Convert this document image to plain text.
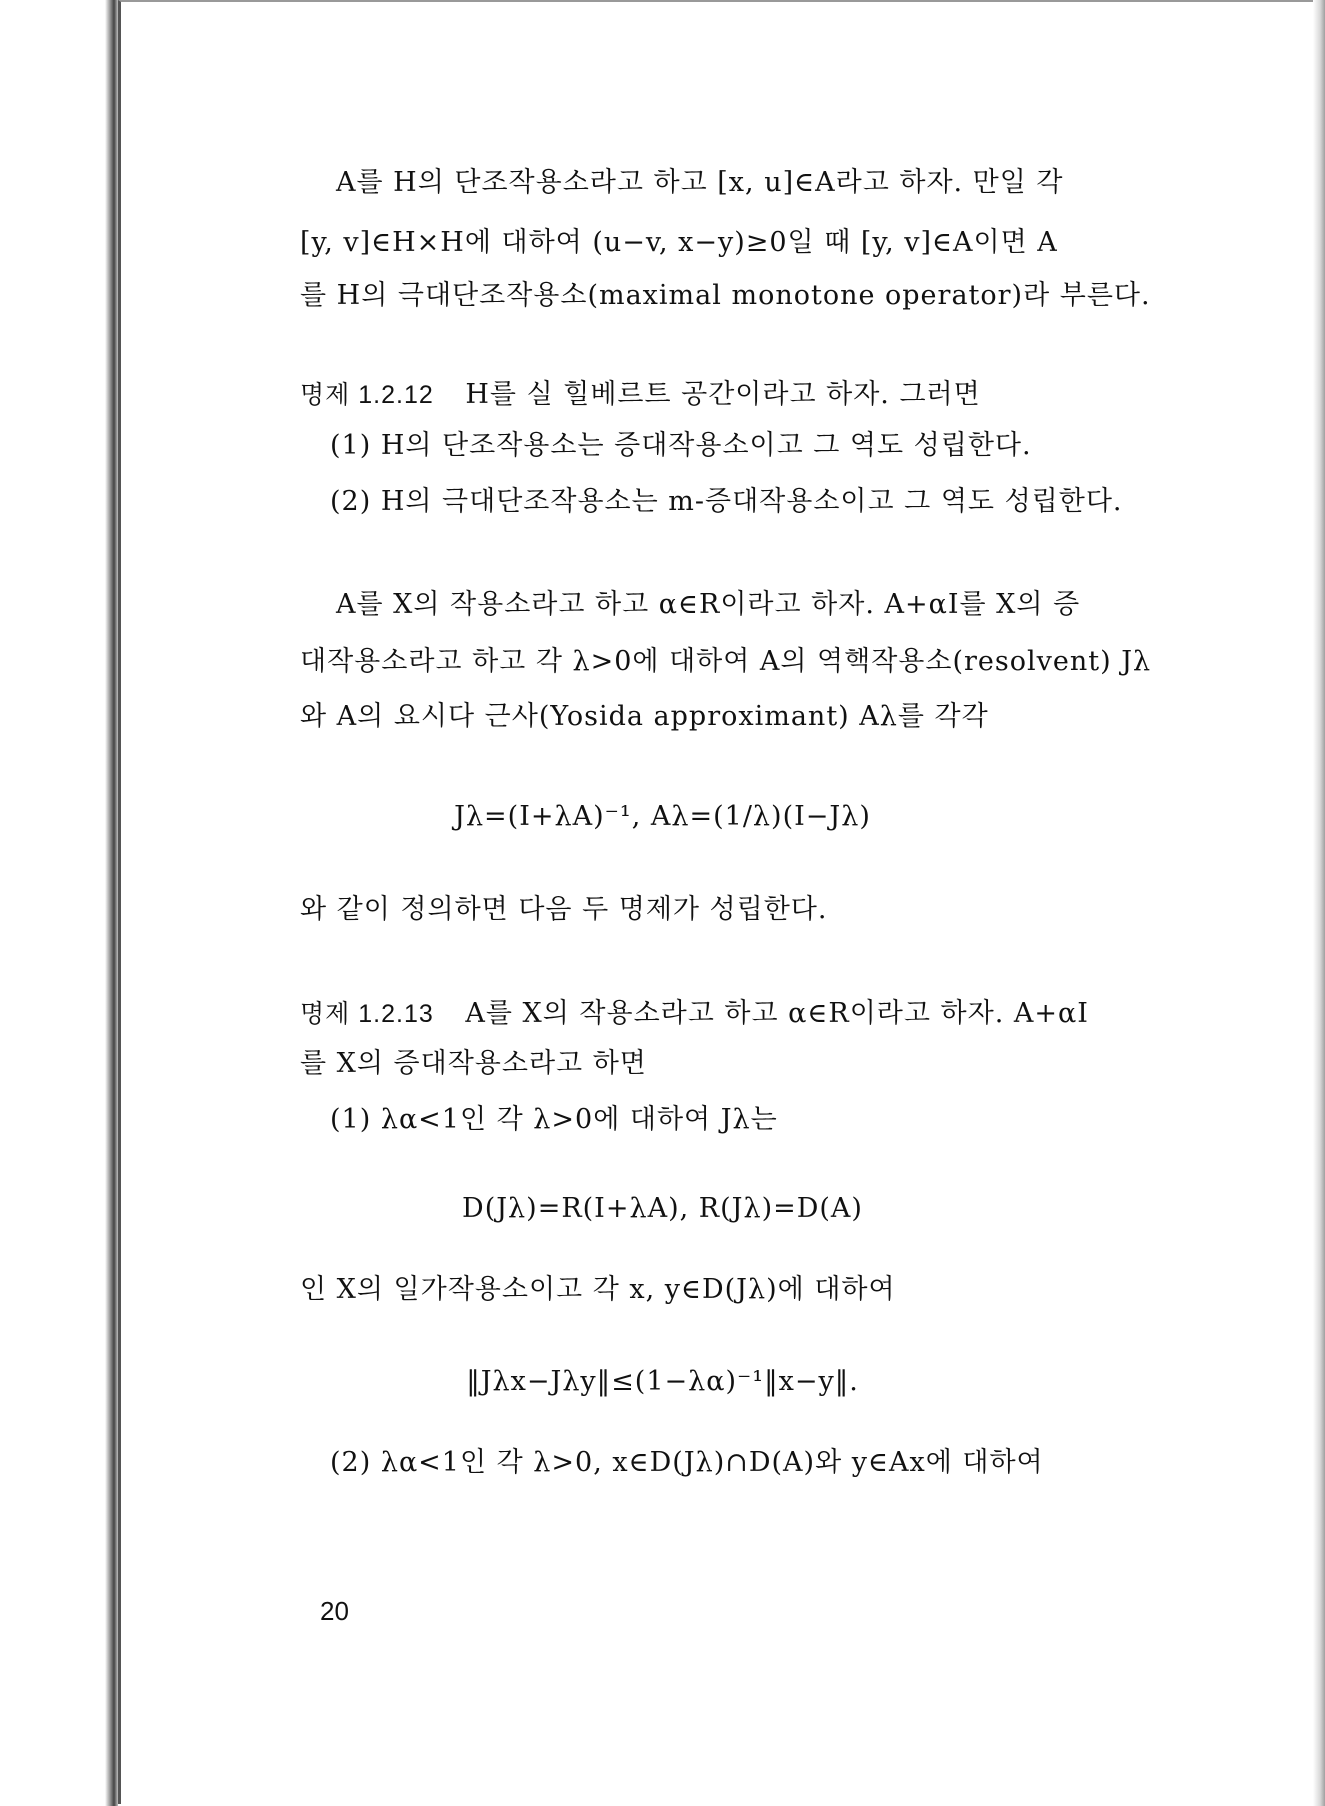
A를 H의 단조작용소라고 하고 [x, u]∈A라고 하자. 만일 각
[y, v]∈H×H에 대하여 (u−v, x−y)≥0일 때 [y, v]∈A이면 A
를 H의 극대단조작용소(maximal monotone operator)라 부른다.
명제 1.2.12 H를 실 힐베르트 공간이라고 하자. 그러면
(1) H의 단조작용소는 증대작용소이고 그 역도 성립한다.
(2) H의 극대단조작용소는 m-증대작용소이고 그 역도 성립한다.
A를 X의 작용소라고 하고 α∈R이라고 하자. A+αI를 X의 증
대작용소라고 하고 각 λ>0에 대하여 A의 역핵작용소(resolvent) Jλ
와 A의 요시다 근사(Yosida approximant) Aλ를 각각
Jλ=(I+λA)⁻¹, Aλ=(1/λ)(I−Jλ)
와 같이 정의하면 다음 두 명제가 성립한다.
명제 1.2.13 A를 X의 작용소라고 하고 α∈R이라고 하자. A+αI
를 X의 증대작용소라고 하면
(1) λα<1인 각 λ>0에 대하여 Jλ는
D(Jλ)=R(I+λA), R(Jλ)=D(A)
인 X의 일가작용소이고 각 x, y∈D(Jλ)에 대하여
‖Jλx−Jλy‖≤(1−λα)⁻¹‖x−y‖.
(2) λα<1인 각 λ>0, x∈D(Jλ)∩D(A)와 y∈Ax에 대하여
20
